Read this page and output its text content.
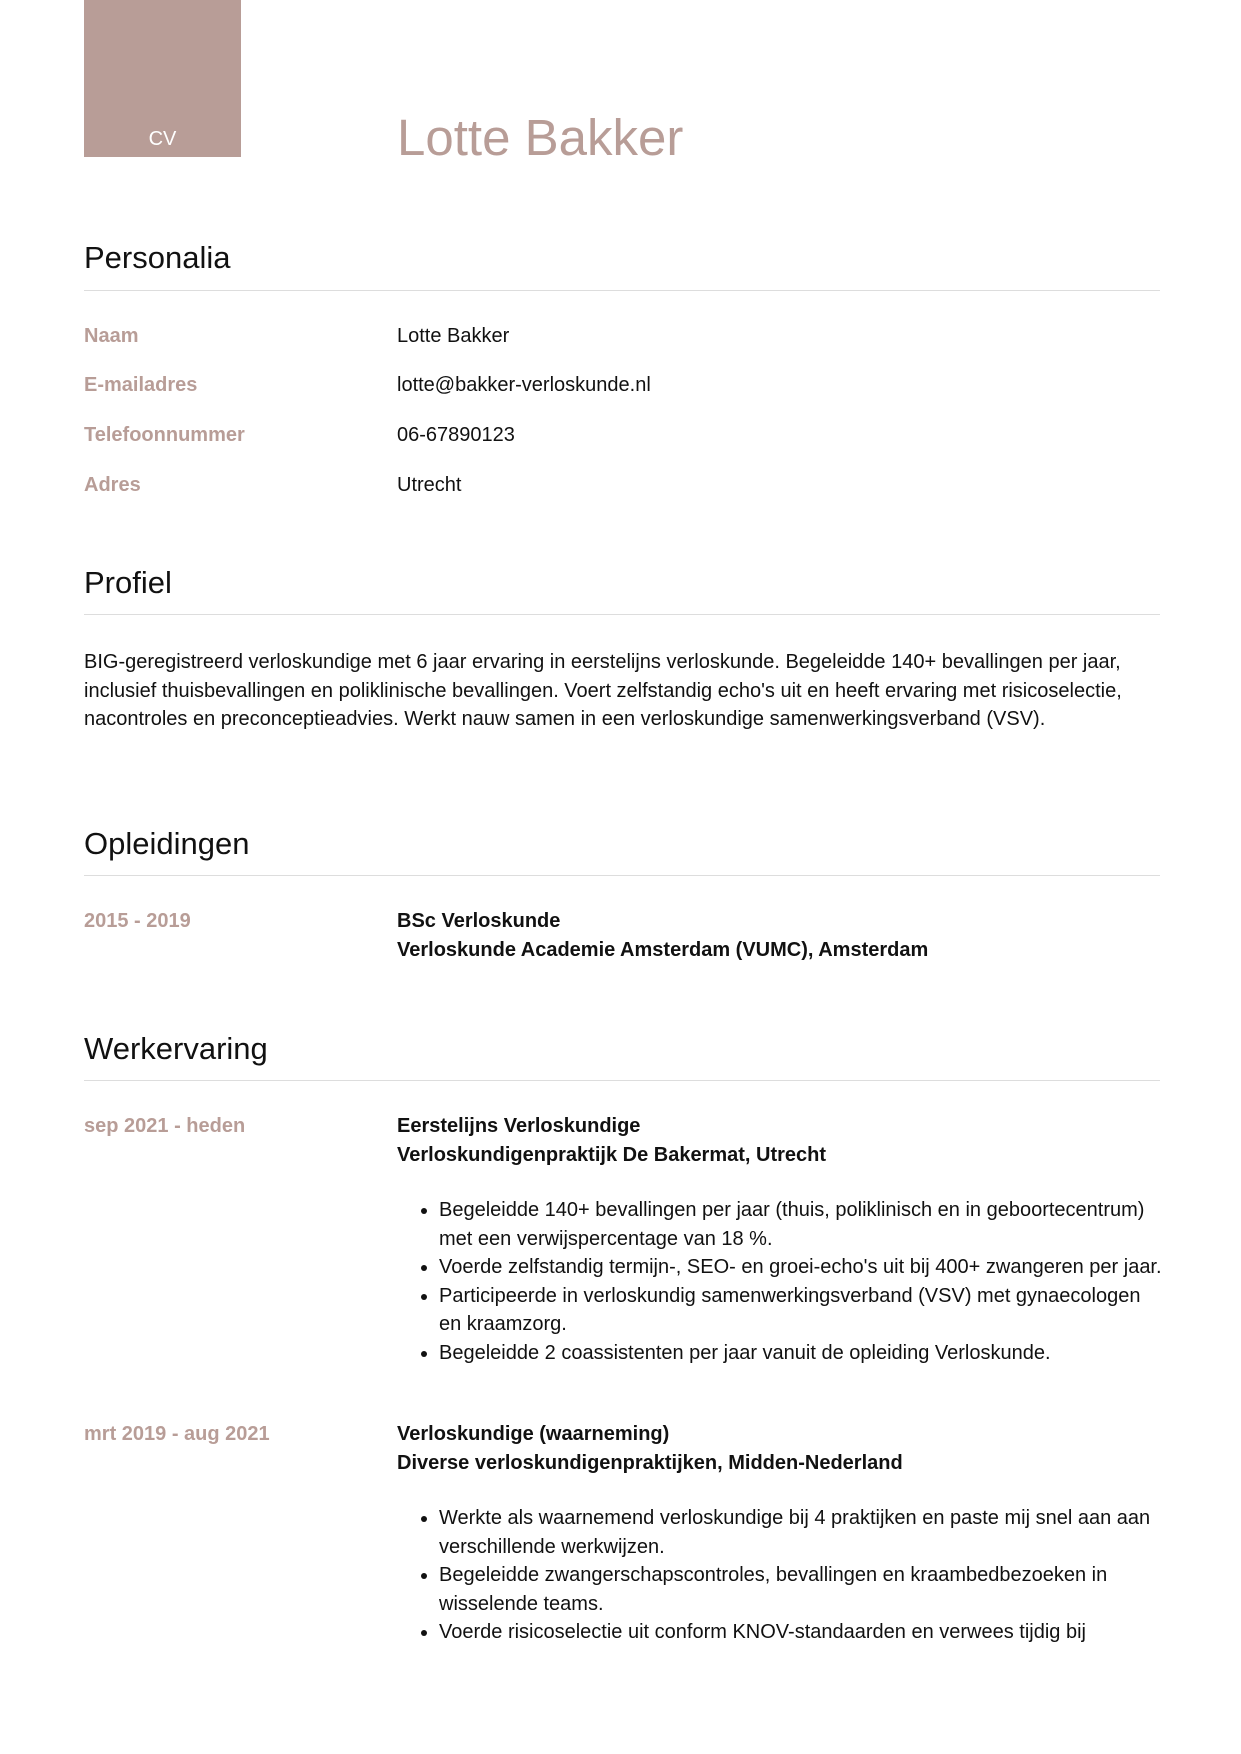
CV	Lotte Bakker
Personalia
Naam	Lotte Bakker
E-mailadres	lotte@bakker-verloskunde.nl
Telefoonnummer	06-67890123
Adres	Utrecht
Profiel

BIG-geregistreerd verloskundige met 6 jaar ervaring in eerstelijns verloskunde. Begeleidde 140+ bevallingen per jaar, inclusief thuisbevallingen en poliklinische bevallingen. Voert zelfstandig echo's uit en heeft ervaring met risicoselectie, nacontroles en preconceptieadvies. Werkt nauw samen in een verloskundige samenwerkingsverband (VSV).

Opleidingen
2015 - 2019	BSc Verloskunde
Verloskunde Academie Amsterdam (VUMC), Amsterdam
Werkervaring
sep 2021 - heden	Eerstelijns Verloskundige
Verloskundigenpraktijk De Bakermat, Utrecht
• Begeleidde 140+ bevallingen per jaar (thuis, poliklinisch en in geboortecentrum) met een verwijspercentage van 18 %.
• Voerde zelfstandig termijn-, SEO- en groei-echo's uit bij 400+ zwangeren per jaar.
• Participeerde in verloskundig samenwerkingsverband (VSV) met gynaecologen en kraamzorg.
• Begeleidde 2 coassistenten per jaar vanuit de opleiding Verloskunde.
mrt 2019 - aug 2021	Verloskundige (waarneming)
Diverse verloskundigenpraktijken, Midden-Nederland
• Werkte als waarnemend verloskundige bij 4 praktijken en paste mij snel aan aan verschillende werkwijzen.
• Begeleidde zwangerschapscontroles, bevallingen en kraambedbezoeken in wisselende teams.
• Voerde risicoselectie uit conform KNOV-standaarden en verwees tijdig bij
